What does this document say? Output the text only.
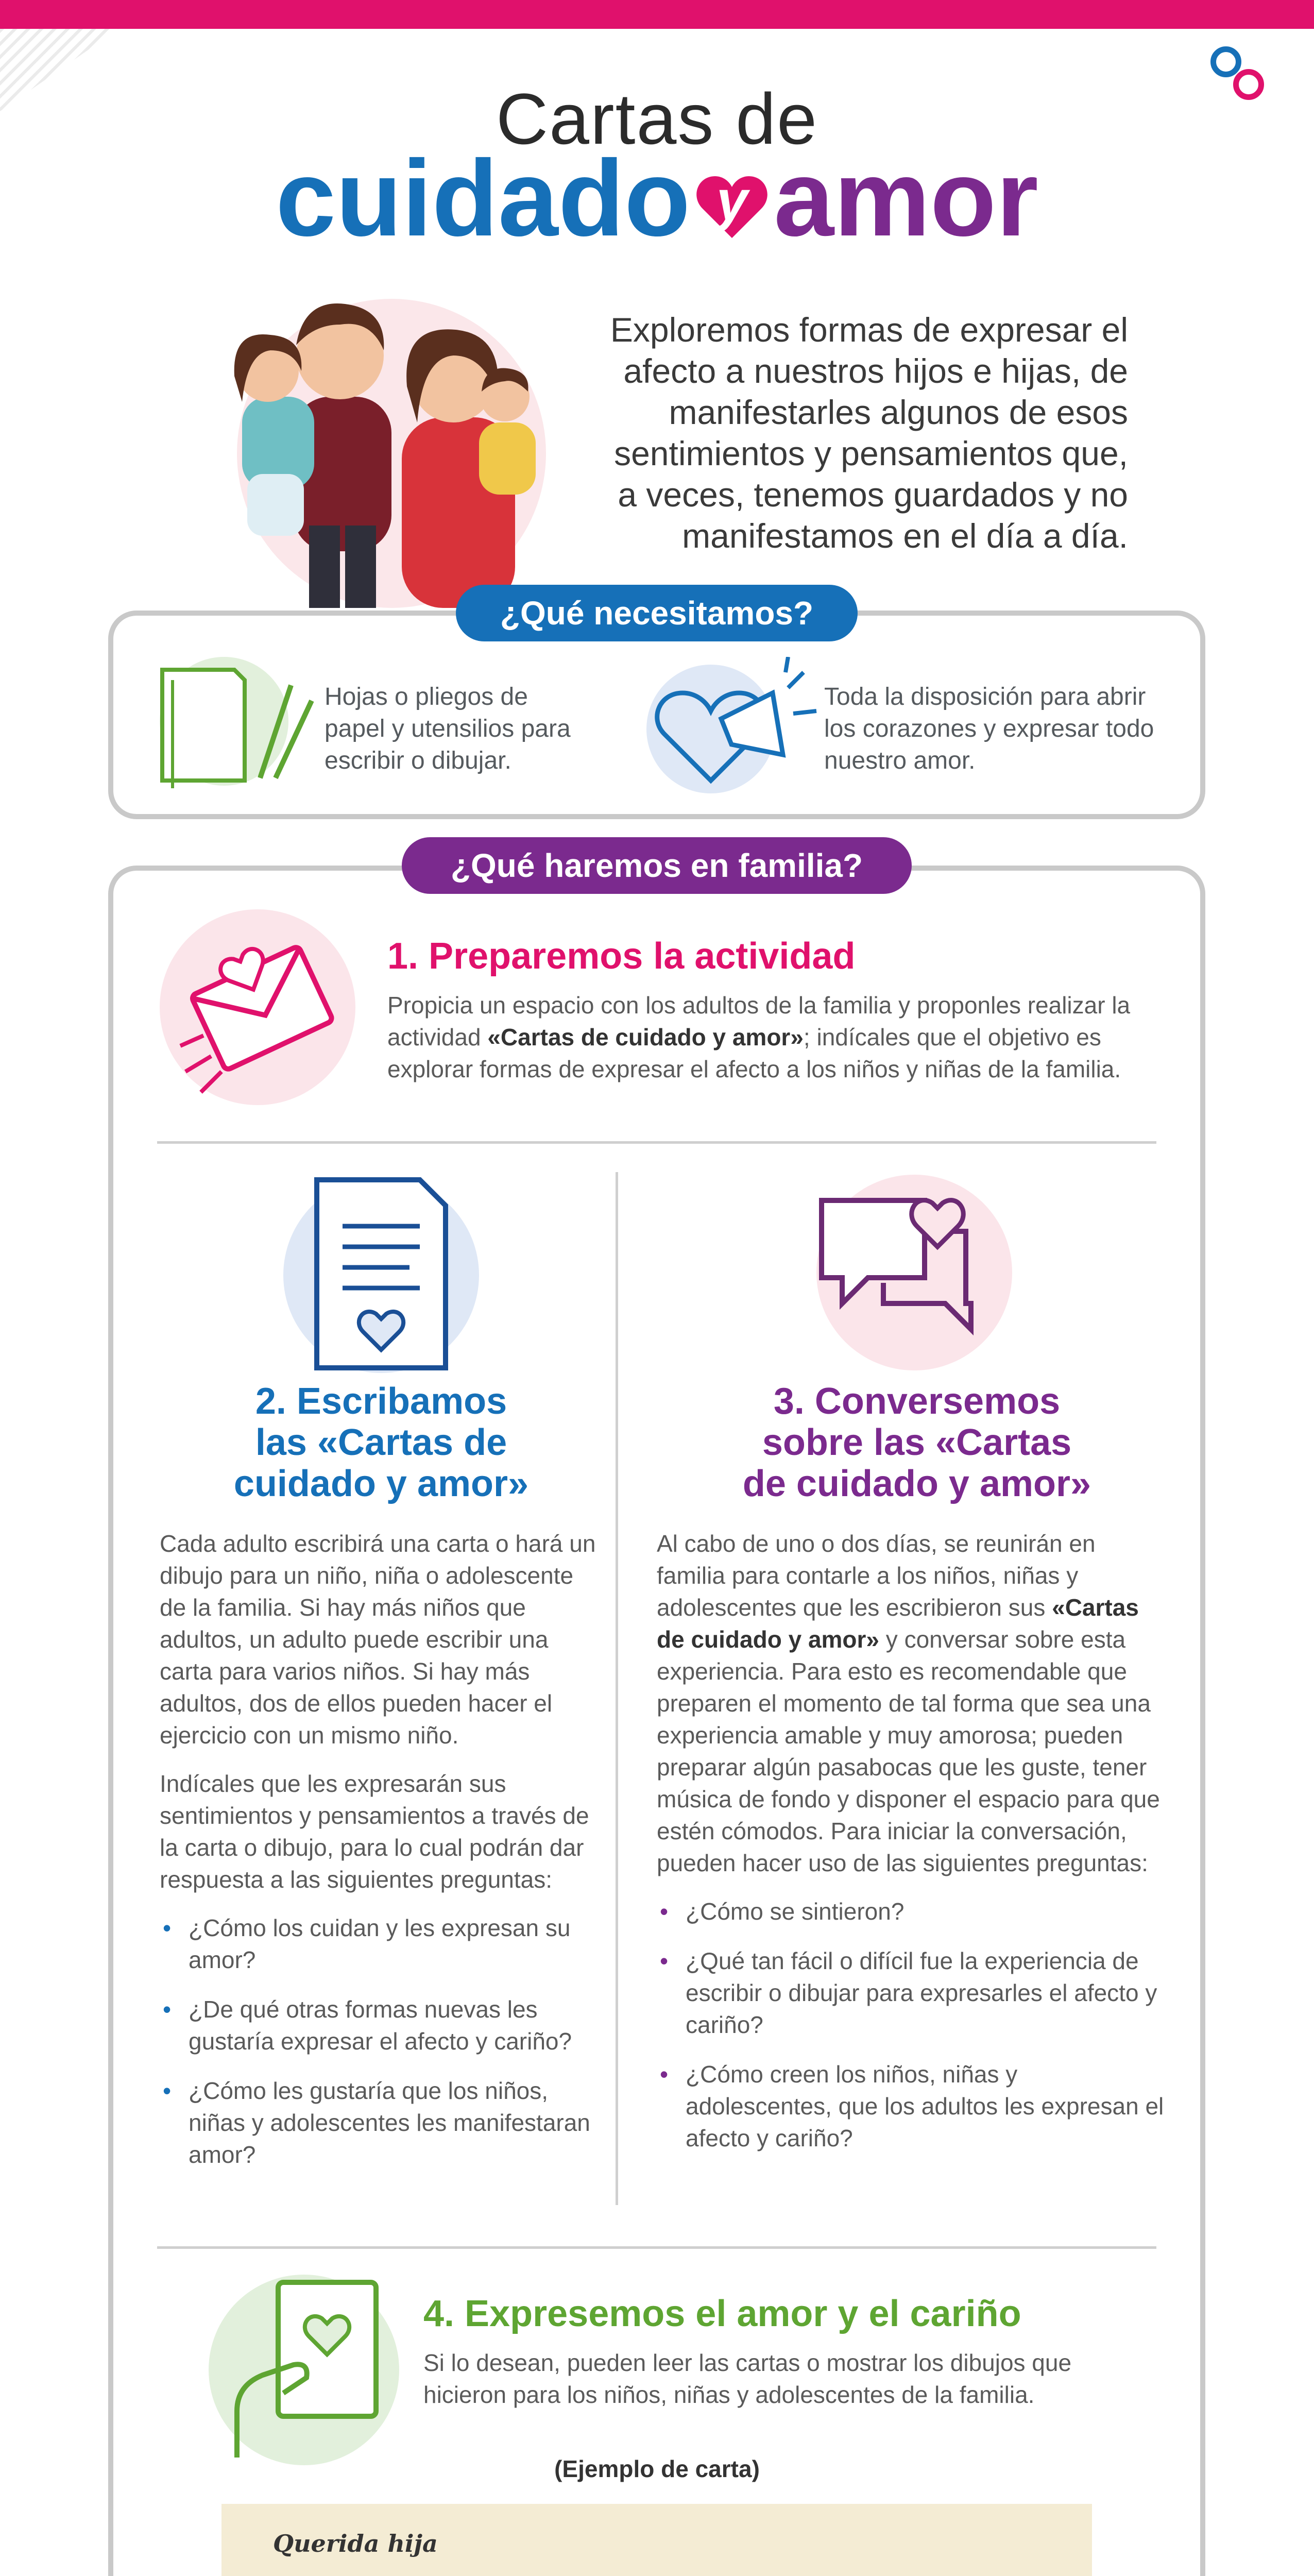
Cartas de
cuidado y amor
Exploremos formas de expresar el afecto a nuestros hijos e hijas, de manifestarles algunos de esos sentimientos y pensamientos que, a veces, tenemos guardados y no manifestamos en el día a día.
¿Qué necesitamos?
Hojas o pliegos de papel y utensilios para escribir o dibujar.
Toda la disposición para abrir los corazones y expresar todo nuestro amor.
¿Qué haremos en familia?
1. Preparemos la actividad
Propicia un espacio con los adultos de la familia y proponles realizar la actividad «Cartas de cuidado y amor»; indícales que el objetivo es explorar formas de expresar el afecto a los niños y niñas de la familia.
2. Escribamos
las «Cartas de
cuidado y amor»

Cada adulto escribirá una carta o hará un dibujo para un niño, niña o adolescente de la familia. Si hay más niños que adultos, un adulto puede escribir una carta para varios niños. Si hay más adultos, dos de ellos pueden hacer el ejercicio con un mismo niño.

Indícales que les expresarán sus sentimientos y pensamientos a través de la carta o dibujo, para lo cual podrán dar respuesta a las siguientes preguntas:

• ¿Cómo los cuidan y les expresan su amor?
• ¿De qué otras formas nuevas les gustaría expresar el afecto y cariño?
• ¿Cómo les gustaría que los niños, niñas y adolescentes les manifestaran amor?
3. Conversemos
sobre las «Cartas
de cuidado y amor»

Al cabo de uno o dos días, se reunirán en familia para contarle a los niños, niñas y adolescentes que les escribieron sus «Cartas de cuidado y amor» y conversar sobre esta experiencia. Para esto es recomendable que preparen el momento de tal forma que sea una experiencia amable y muy amorosa; pueden preparar algún pasabocas que les guste, tener música de fondo y disponer el espacio para que estén cómodos. Para iniciar la conversación, pueden hacer uso de las siguientes preguntas:

• ¿Cómo se sintieron?
• ¿Qué tan fácil o difícil fue la experiencia de escribir o dibujar para expresarles el afecto y cariño?
• ¿Cómo creen los niños, niñas y adolescentes, que los adultos les expresan el afecto y cariño?
4. Expresemos el amor y el cariño
Si lo desean, pueden leer las cartas o mostrar los dibujos que hicieron para los niños, niñas y adolescentes de la familia.
(Ejemplo de carta)
Querida hija
